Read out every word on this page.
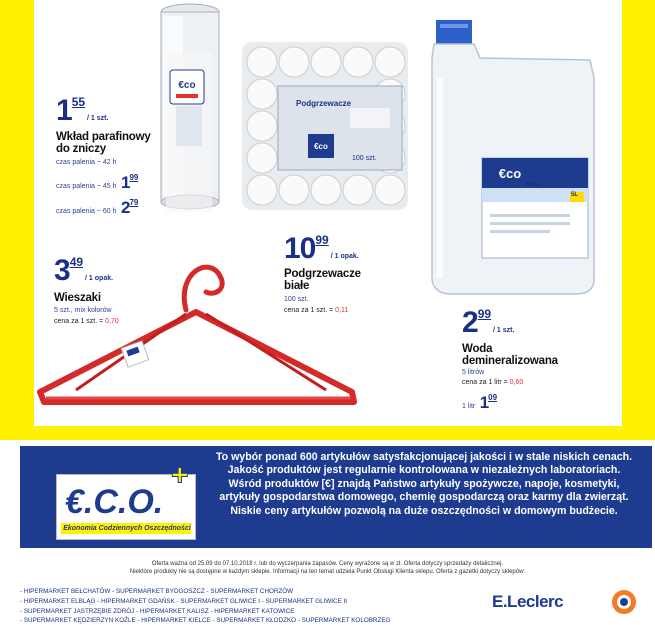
€co
$1^{55}/$ 1 szt.
Wkład parafinowy do zniczy
czas palenia ~ 42 h
czas palenia ~ 45 h $1^{99}$
czas palenia ~ 60 h $2^{79}$
€co
Podgrzewacze
100 szt.
$10^{99}/$ 1 opak.
Podgrzewacze białe
100 szt.
cena za 1 szt. = 0,11
$3^{49}/$ 1 opak.
Wieszaki
5 szt., mix kolorów
cena za 1 szt. = 0,70
€co
Woda
5L
$2^{99}/$ 1 szt.
Woda demineralizowana
5 litrów
cena za 1 litr = 0,60
1 litr $1^{09}$
€.C.O.
+
Ekonomia Codziennych Oszczędności
To wybór ponad 600 artykułów satysfakcjonującej jakości i w stale niskich cenach.
Jakość produktów jest regularnie kontrolowana w niezależnych laboratoriach.
Wśród produktów [€] znajdą Państwo artykuły spożywcze, napoje, kosmetyki,
artykuły gospodarstwa domowego, chemię gospodarczą oraz karmy dla zwierząt.
Niskie ceny artykułów pozwolą na duże oszczędności w domowym budżecie.
Oferta ważna od 25.09 do 07.10.2018 r. lub do wyczerpania zapasów. Ceny wyrażone są w zł. Oferta dotyczy sprzedaży detalicznej.
Niektóre produkty nie są dostępne w każdym sklepie. Informacji na ten temat udziela Punkt Obsługi Klienta sklepu. Oferta z gazetki dotyczy sklepów:
- HIPERMARKET BEŁCHATÓW - SUPERMARKET BYDGOSZCZ - SUPERMARKET CHORZÓW
- HIPERMARKET ELBLĄG - HIPERMARKET GDAŃSK - SUPERMARKET GLIWICE I - SUPERMARKET GLIWICE II
- SUPERMARKET JASTRZĘBIE ZDRÓJ - HIPERMARKET KALISZ - HIPERMARKET KATOWICE
- SUPERMARKET KĘDZIERZYN KOŹLE - HIPERMARKET KIELCE - SUPERMARKET KŁODZKO - SUPERMARKET KOLOBRZEG
E.Leclerc
